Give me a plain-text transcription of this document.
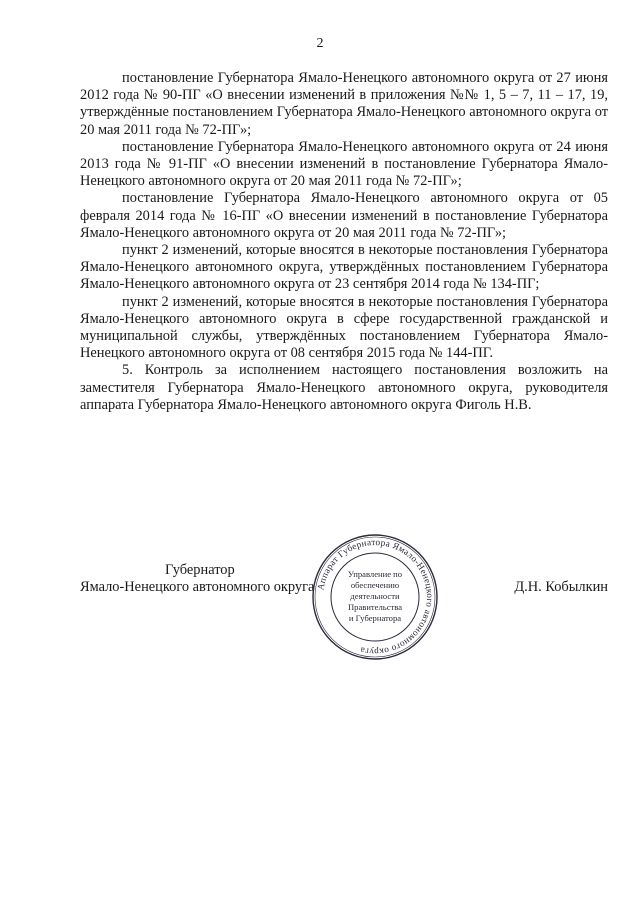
2

постановление Губернатора Ямало-Ненецкого автономного округа от 27 июня 2012 года № 90-ПГ «О внесении изменений в приложения №№ 1, 5 – 7, 11 – 17, 19, утверждённые постановлением Губернатора Ямало-Ненецкого автономного округа от 20 мая 2011 года № 72-ПГ»;

постановление Губернатора Ямало-Ненецкого автономного округа от 24 июня 2013 года № 91-ПГ «О внесении изменений в постановление Губернатора Ямало-Ненецкого автономного округа от 20 мая 2011 года № 72-ПГ»;

постановление Губернатора Ямало-Ненецкого автономного округа от 05 февраля 2014 года № 16-ПГ «О внесении изменений в постановление Губернатора Ямало-Ненецкого автономного округа от 20 мая 2011 года № 72-ПГ»;

пункт 2 изменений, которые вносятся в некоторые постановления Губернатора Ямало-Ненецкого автономного округа, утверждённых постановлением Губернатора Ямало-Ненецкого автономного округа от 23 сентября 2014 года № 134-ПГ;

пункт 2 изменений, которые вносятся в некоторые постановления Губернатора Ямало-Ненецкого автономного округа в сфере государственной гражданской и муниципальной службы, утверждённых постановлением Губернатора Ямало-Ненецкого автономного округа от 08 сентября 2015 года № 144-ПГ.

5. Контроль за исполнением настоящего постановления возложить на заместителя Губернатора Ямало-Ненецкого автономного округа, руководителя аппарата Губернатора Ямало-Ненецкого автономного округа Фиголь Н.В.

Губернатор
Ямало-Ненецкого автономного округа	Д.Н. Кобылкин
Аппарат Губернатора Ямало-Ненецкого автономного округа
Управление по
обеспечению
деятельности
Правительства
и Губернатора
